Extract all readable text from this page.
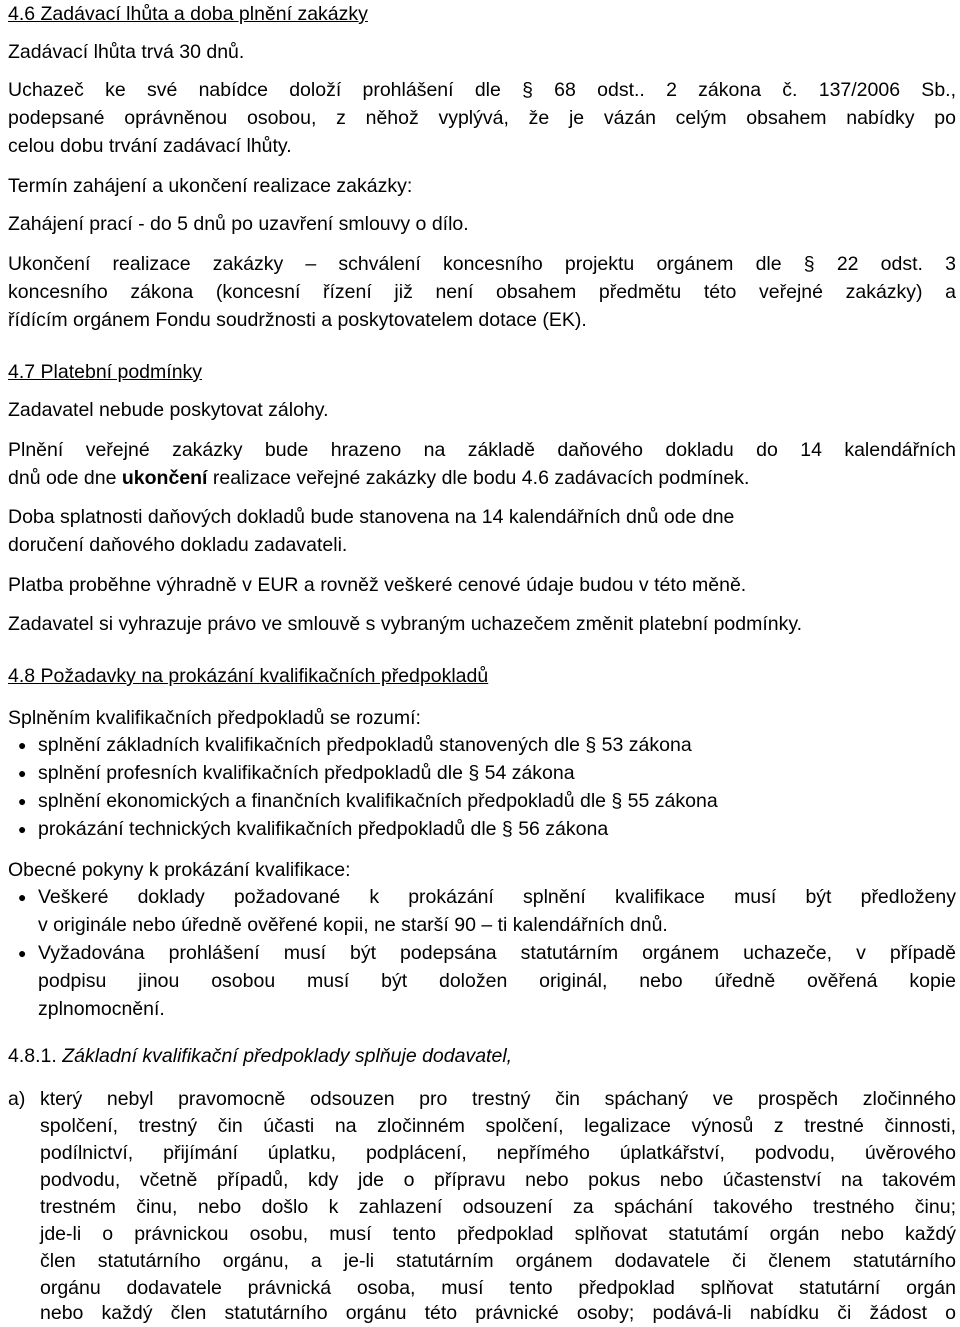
4.6 Zadávací lhůta a doba plnění zakázky
Zadávací lhůta trvá 30 dnů.
Uchazeč ke své nabídce doloží prohlášení dle § 68 odst.. 2 zákona č. 137/2006 Sb.,
podepsané oprávněnou osobou, z něhož vyplývá, že je vázán celým obsahem nabídky po
celou dobu trvání zadávací lhůty.
Termín zahájení a ukončení realizace zakázky:
Zahájení prací - do 5 dnů po uzavření smlouvy o dílo.
Ukončení realizace zakázky – schválení koncesního projektu orgánem dle § 22 odst. 3
koncesního zákona (koncesní řízení již není obsahem předmětu této veřejné zakázky) a
řídícím orgánem Fondu soudržnosti a poskytovatelem dotace (EK).
4.7 Platební podmínky
Zadavatel nebude poskytovat zálohy.
Plnění veřejné zakázky bude hrazeno na základě daňového dokladu do 14 kalendářních
dnů ode dne ukončení realizace veřejné zakázky dle bodu 4.6 zadávacích podmínek.
Doba splatnosti daňových dokladů bude stanovena na 14 kalendářních dnů ode dne
doručení daňového dokladu zadavateli.
Platba proběhne výhradně v EUR a rovněž veškeré cenové údaje budou v této měně.
Zadavatel si vyhrazuje právo ve smlouvě s vybraným uchazečem změnit platební podmínky.
4.8 Požadavky na prokázání kvalifikačních předpokladů
Splněním kvalifikačních předpokladů se rozumí:
● splnění základních kvalifikačních předpokladů stanovených dle § 53 zákona
● splnění profesních kvalifikačních předpokladů dle § 54 zákona
● splnění ekonomických a finančních kvalifikačních předpokladů dle § 55 zákona
● prokázání technických kvalifikačních předpokladů dle § 56 zákona
Obecné pokyny k prokázání kvalifikace:
● Veškeré doklady požadované k prokázání splnění kvalifikace musí být předloženy
v originále nebo úředně ověřené kopii, ne starší 90 – ti kalendářních dnů.
● Vyžadována prohlášení musí být podepsána statutárním orgánem uchazeče, v případě
podpisu jinou osobou musí být doložen originál, nebo úředně ověřená kopie
zplnomocnění.
4.8.1. Základní kvalifikační předpoklady splňuje dodavatel,
a) který nebyl pravomocně odsouzen pro trestný čin spáchaný ve prospěch zločinného
spolčení, trestný čin účasti na zločinném spolčení, legalizace výnosů z trestné činnosti,
podílnictví, přijímání úplatku, podplácení, nepřímého úplatkářství, podvodu, úvěrového
podvodu, včetně případů, kdy jde o přípravu nebo pokus nebo účastenství na takovém
trestném činu, nebo došlo k zahlazení odsouzení za spáchání takového trestného činu;
jde-li o právnickou osobu, musí tento předpoklad splňovat statutámí orgán nebo každý
člen statutárního orgánu, a je-li statutárním orgánem dodavatele či členem statutárního
orgánu dodavatele právnická osoba, musí tento předpoklad splňovat statutární orgán
nebo každý člen statutárního orgánu této právnické osoby; podává-li nabídku či žádost o
